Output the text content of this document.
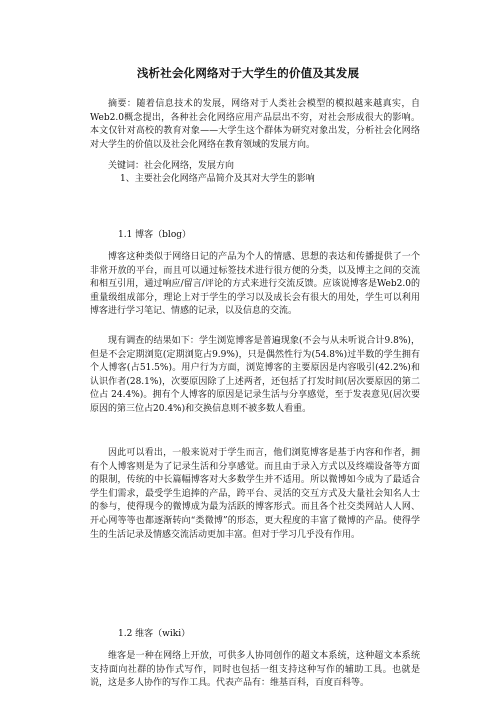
浅析社会化网络对于大学生的价值及其发展
摘要：随着信息技术的发展，网络对于人类社会模型的模拟越来越真实，自Web2.0概念提出，各种社会化网络应用产品层出不穷，对社会形成很大的影响。本文仅针对高校的教育对象——大学生这个群体为研究对象出发，分析社会化网络对大学生的价值以及社会化网络在教育领域的发展方向。
关键词：社会化网络，发展方向
1、主要社会化网络产品简介及其对大学生的影响
1.1 博客（blog）
博客这种类似于网络日记的产品为个人的情感、思想的表达和传播提供了一个非常开放的平台，而且可以通过标签技术进行很方便的分类，以及博主之间的交流和相互引用，通过响应/留言/评论的方式来进行交流反馈。应该说博客是Web2.0的重量级组成部分，理论上对于学生的学习以及成长会有很大的用处，学生可以利用博客进行学习笔记、情感的记录，以及信息的交流。
现有调查的结果如下：学生浏览博客是普遍现象(不会与从未听说合计9.8%)，但是不会定期浏览(定期浏览占9.9%)，只是偶然性行为(54.8%)过半数的学生拥有个人博客(占51.5%)。用户行为方面，浏览博客的主要原因是内容吸引(42.2%)和认识作者(28.1%)，次要原因除了上述两者，还包括了打发时间(居次要原因的第二位占 24.4%)。拥有个人博客的原因是记录生活与分享感觉，至于发表意见(居次要原因的第三位占20.4%)和交换信息则不被多数人看重。
因此可以看出，一般来说对于学生而言，他们浏览博客是基于内容和作者，拥有个人博客则是为了记录生活和分享感觉。而且由于录入方式以及终端设备等方面的限制，传统的中长篇幅博客对大多数学生并不适用。所以微博如今成为了最适合学生们需求，最受学生追捧的产品，跨平台、灵活的交互方式及大量社会知名人士的参与，使得现今的微博成为最为活跃的博客形式。而且各个社交类网站人人网、开心网等等也都逐渐转向“类微博”的形态，更大程度的丰富了微博的产品。使得学生的生活记录及情感交流活动更加丰富。但对于学习几乎没有作用。
1.2 维客（wiki）
维客是一种在网络上开放，可供多人协同创作的超文本系统，这种超文本系统支持面向社群的协作式写作，同时也包括一组支持这种写作的辅助工具。也就是说，这是多人协作的写作工具。代表产品有：维基百科，百度百科等。
